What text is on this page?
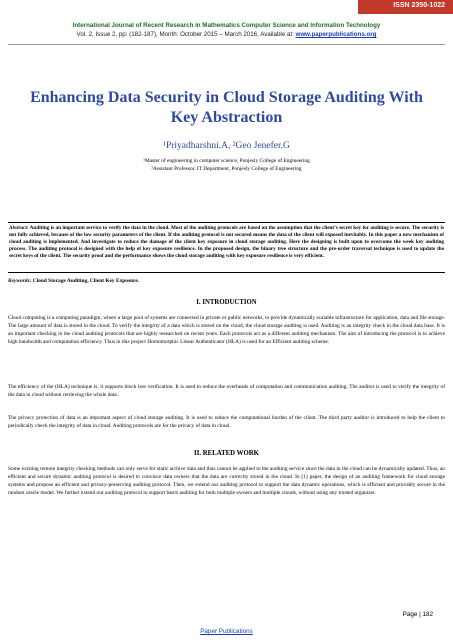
ISSN 2350-1022
International Journal of Recent Research in Mathematics Computer Science and Information Technology
Vol. 2, Issue 2, pp: (182-187), Month: October 2015 – March 2016, Available at: www.paperpublications.org
Enhancing Data Security in Cloud Storage Auditing With Key Abstraction
¹Priyadharshni.A, ²Geo Jenefer.G
¹Master of engineering in computer science, Ponjesly College of Engineering
²Assistant Professor, IT Department, Ponjesly College of Engineering
Abstract: Auditing is an important service to verify the data in the cloud. Most of the auditing protocols are based on the assumption that the client’s secret key for auditing is secure. The security is not fully achieved, because of the low security parameters of the client. If the auditing protocol is not secured means the data of the client will exposed inevitably. In this paper a new mechanism of cloud auditing is implemented. And investigate to reduce the damage of the client key exposure in cloud storage auditing. Here the designing is built upon to overcome the week key auditing process. The auditing protocol is designed with the help of key exposure resilience. In the proposed design, the binary tree structure and the pre-order traversal technique is used to update the secret keys of the client. The security proof and the performance shows the cloud storage auditing with key exposure resilience is very efficient.
Keywords: Cloud Storage Auditing, Client Key Exposure.
I. INTRODUCTION
Cloud computing is a computing paradigm, where a large pool of systems are connected in private or public networks, to provide dynamically scalable infrastructure for application, data and file storage. The large amount of data is stored in the cloud. To verify the integrity of a data which is stored on the cloud, the cloud storage auditing is used. Auditing is an integrity check in the cloud data base. It is an important checking in the cloud auditing protocols that are highly researched on recent years. Each protocols act as a different auditing mechanism. The aim of introducing the protocol is to achieve high bandwidth and computation efficiency. Thus in this project Homomorphic Linear Authenticator (HLA) is used for an Efficient auditing scheme.
The efficiency of the (HLA) technique is, it supports block less verification. It is used to reduce the overheads of computation and communication auditing. The auditor is used to verify the integrity of the data in cloud without retrieving the whole data.
The privacy protection of data is an important aspect of cloud storage auditing. It is used to reduce the computational burden of the client. The third party auditor is introduced to help the client to periodically check the integrity of data in cloud. Auditing protocols are for the privacy of data in cloud.
II. RELATED WORK
Some existing remote integrity checking methods can only serve for static archive data and thus cannot be applied to the auditing service since the data in the cloud can be dynamically updated. Thus, an efficient and secure dynamic auditing protocol is desired to convince data owners that the data are correctly stored in the cloud. In [1] paper, the design of an auditing framework for cloud storage systems and propose an efficient and privacy-preserving auditing protocol. Then, we extend our auditing protocol to support the data dynamic operations, which is efficient and provably secure in the random oracle model. We further extend our auditing protocol to support batch auditing for both multiple owners and multiple clouds, without using any trusted organizer.
Page | 182
Paper Publications
